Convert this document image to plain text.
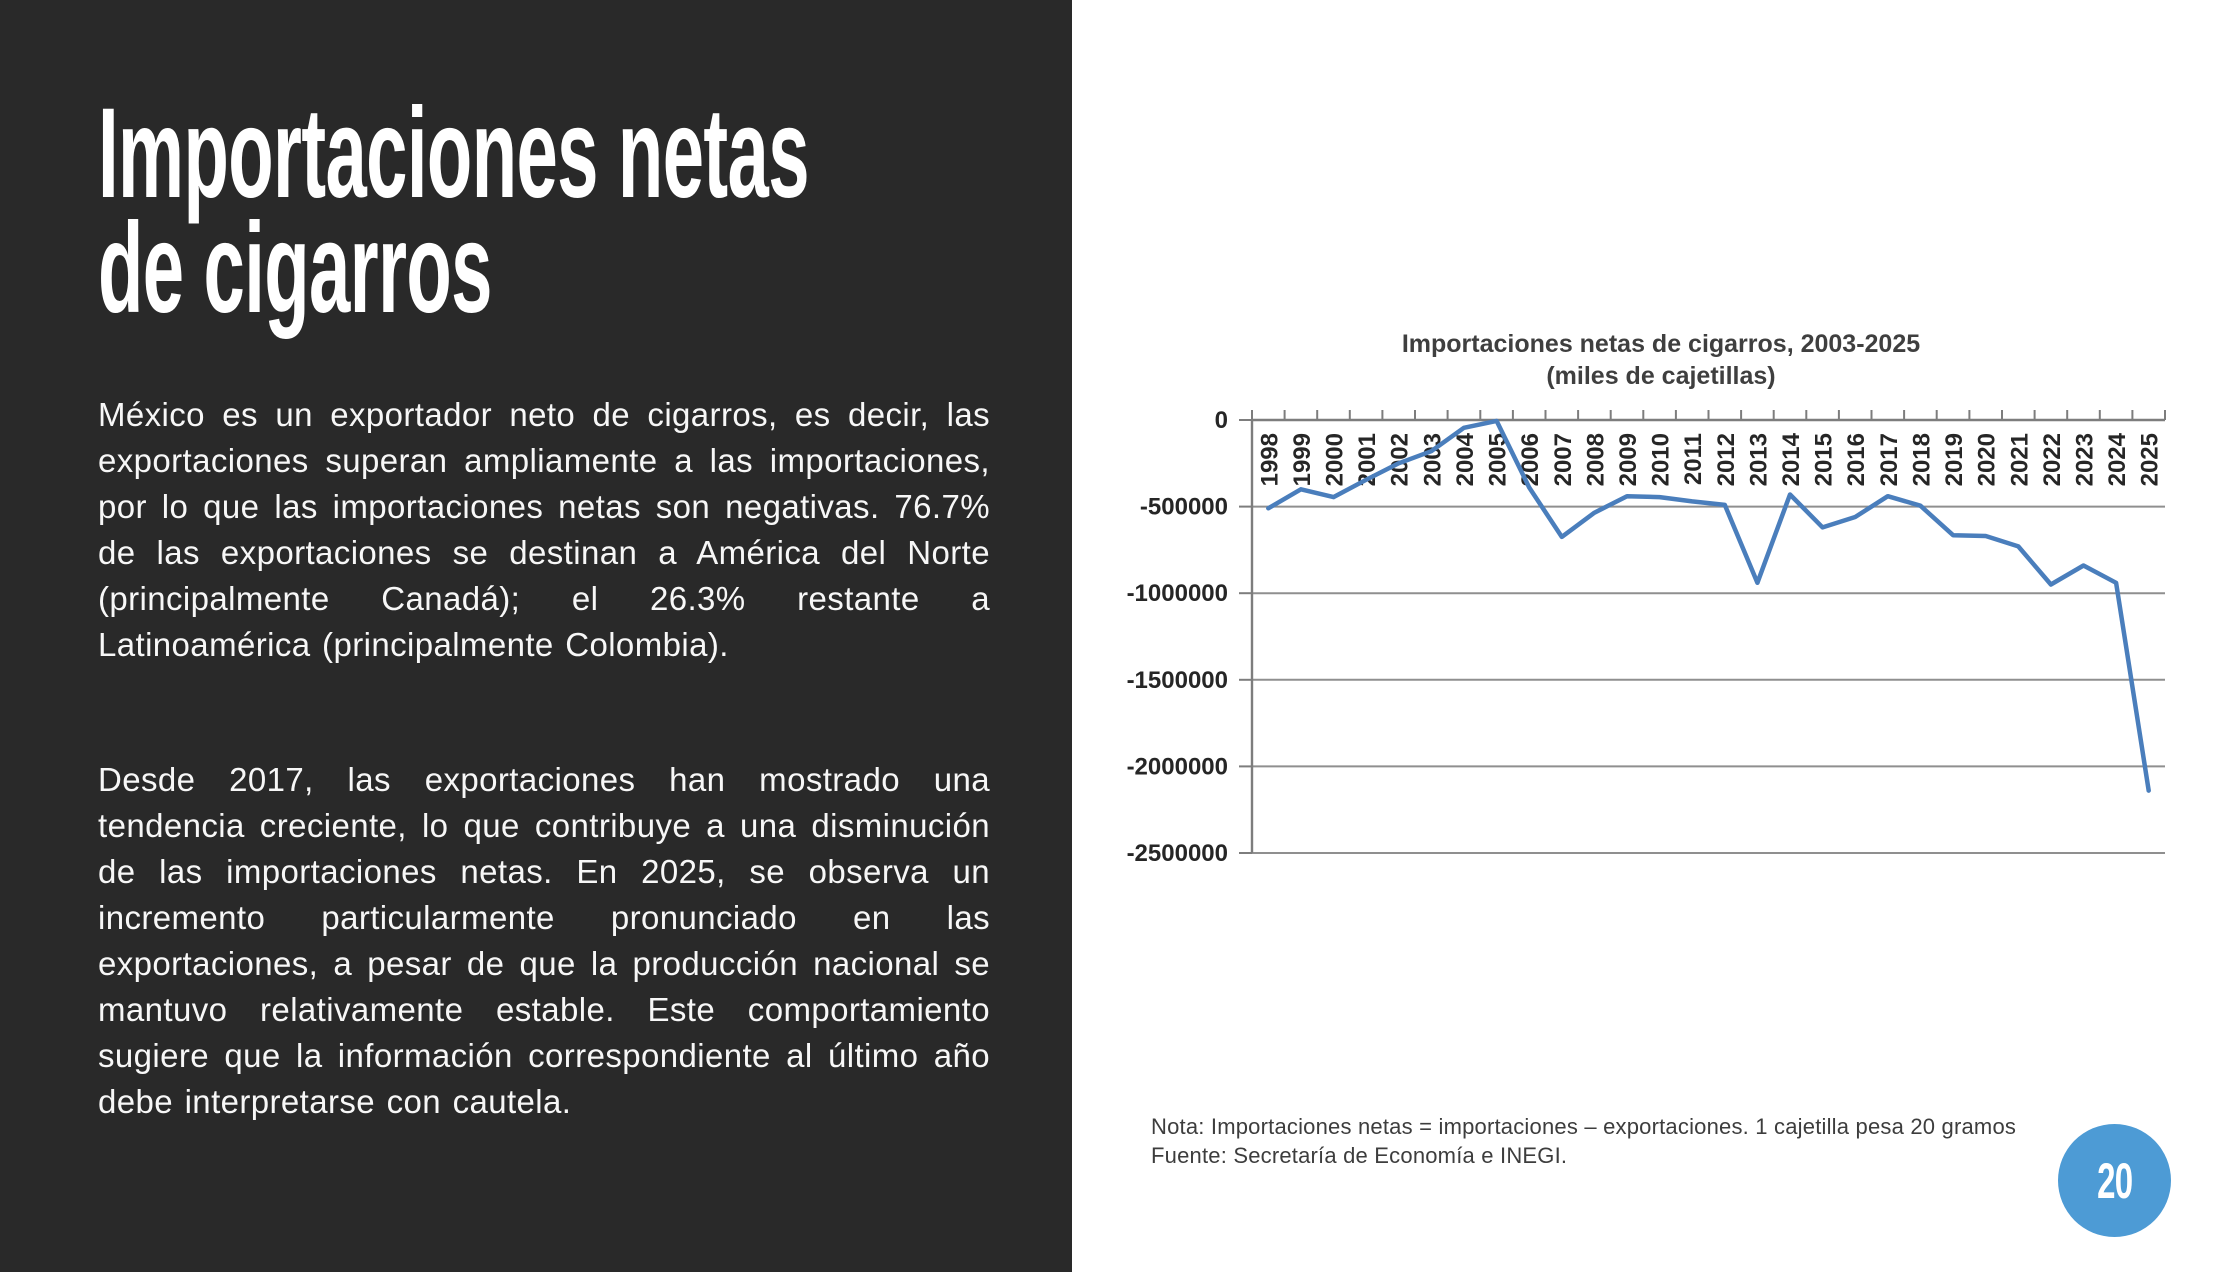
Importaciones netas
de cigarros

México es un exportador neto de cigarros, es decir, las exportaciones superan ampliamente a las importaciones, por lo que las importaciones netas son negativas. 76.7% de las exportaciones se destinan a América del Norte (principalmente Canadá); el 26.3% restante a Latinoamérica (principalmente Colombia).

Desde 2017, las exportaciones han mostrado una tendencia creciente, lo que contribuye a una disminución de las importaciones netas. En 2025, se observa un incremento particularmente pronunciado en las exportaciones, a pesar de que la producción nacional se mantuvo relativamente estable. Este comportamiento sugiere que la información correspondiente al último año debe interpretarse con cautela.

Importaciones netas de cigarros, 2003-2025
(miles de cajetillas)
0
-500000
-1000000
-1500000
-2000000
-2500000
1998 1999 2000 2001 2002 2003 2004 2005 2006 2007 2008 2009 2010 2011 2012 2013 2014 2015 2016 2017 2018 2019 2020 2021 2022 2023 2024 2025

Nota: Importaciones netas = importaciones – exportaciones. 1 cajetilla pesa 20 gramos
Fuente: Secretaría de Economía e INEGI.	20
